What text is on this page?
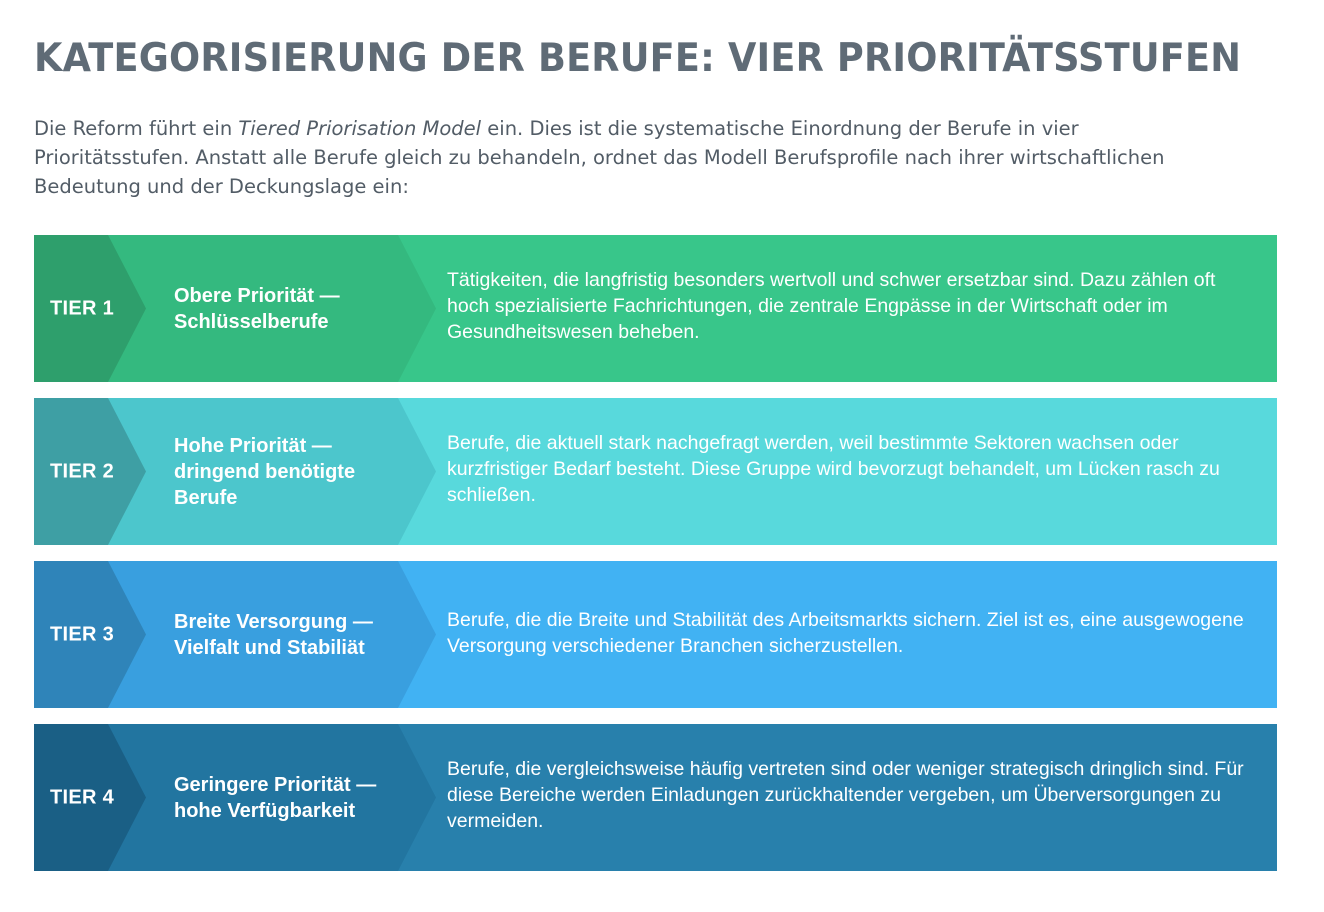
KATEGORISIERUNG DER BERUFE: VIER PRIORITÄTSSTUFEN

Die Reform führt ein Tiered Priorisation Model ein. Dies ist die systematische Einordnung der Berufe in vier Prioritätsstufen. Anstatt alle Berufe gleich zu behandeln, ordnet das Modell Berufsprofile nach ihrer wirtschaftlichen Bedeutung und der Deckungslage ein:

TIER 1
Obere Priorität — Schlüsselberufe
Tätigkeiten, die langfristig besonders wertvoll und schwer ersetzbar sind. Dazu zählen oft hoch spezialisierte Fachrichtungen, die zentrale Engpässe in der Wirtschaft oder im Gesundheitswesen beheben.
TIER 2
Hohe Priorität — dringend benötigte Berufe
Berufe, die aktuell stark nachgefragt werden, weil bestimmte Sektoren wachsen oder kurzfristiger Bedarf besteht. Diese Gruppe wird bevorzugt behandelt, um Lücken rasch zu schließen.
TIER 3
Breite Versorgung — Vielfalt und Stabiliät
Berufe, die die Breite und Stabilität des Arbeitsmarkts sichern. Ziel ist es, eine ausgewogene Versorgung verschiedener Branchen sicherzustellen.
TIER 4
Geringere Priorität — hohe Verfügbarkeit
Berufe, die vergleichsweise häufig vertreten sind oder weniger strategisch dringlich sind. Für diese Bereiche werden Einladungen zurückhaltender vergeben, um Überversorgungen zu vermeiden.
